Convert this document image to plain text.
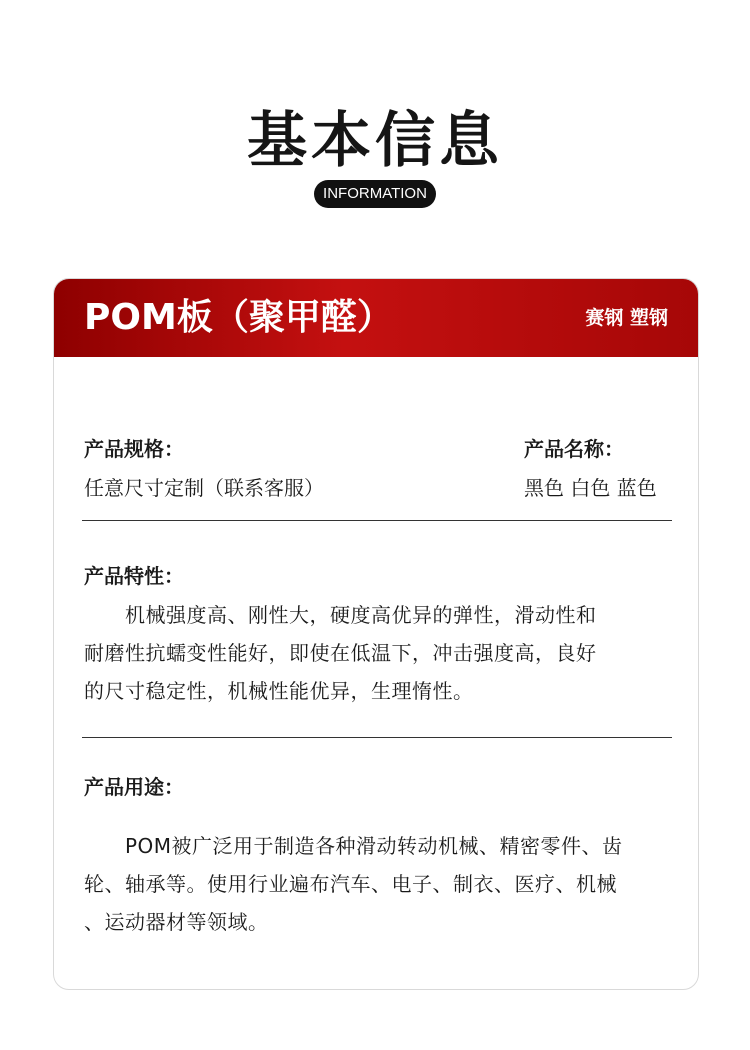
基本信息
INFORMATION
POM板（聚甲醛）	赛钢 塑钢
产品规格：
任意尺寸定制（联系客服）
产品名称：
黑色 白色 蓝色
产品特性：
　　机械强度高、刚性大，硬度高优异的弹性，滑动性和
耐磨性抗蠕变性能好，即使在低温下，冲击强度高，良好
的尺寸稳定性，机械性能优异，生理惰性。
产品用途：
　　POM被广泛用于制造各种滑动转动机械、精密零件、齿
轮、轴承等。使用行业遍布汽车、电子、制衣、医疗、机械
、运动器材等领域。
